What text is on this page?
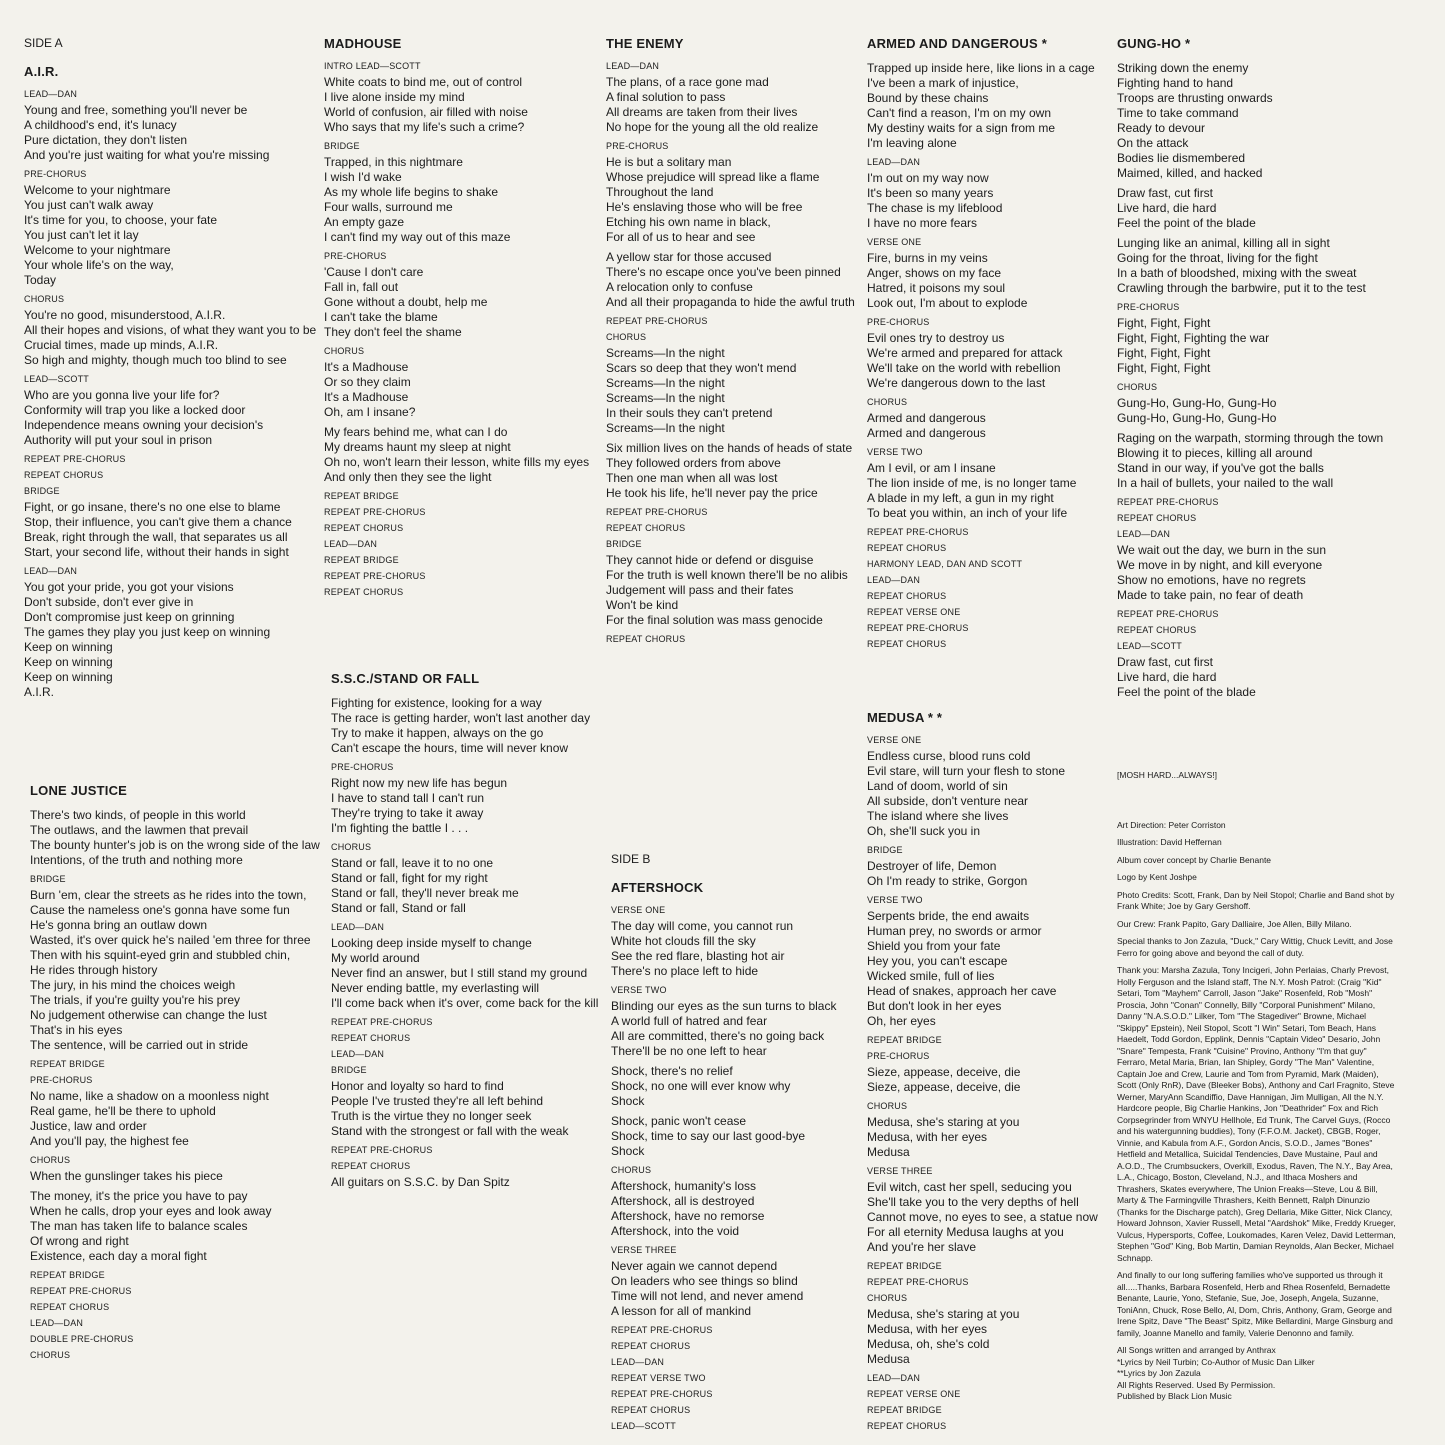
SIDE A
A.I.R.
LEAD—DAN
Young and free, something you'll never be
A childhood's end, it's lunacy
Pure dictation, they don't listen
And you're just waiting for what you're missing
PRE-CHORUS
Welcome to your nightmare
You just can't walk away
It's time for you, to choose, your fate
You just can't let it lay
Welcome to your nightmare
Your whole life's on the way,
Today
CHORUS
You're no good, misunderstood, A.I.R.
All their hopes and visions, of what they want you to be
Crucial times, made up minds, A.I.R.
So high and mighty, though much too blind to see
LEAD—SCOTT
Who are you gonna live your life for?
Conformity will trap you like a locked door
Independence means owning your decision's
Authority will put your soul in prison
REPEAT PRE-CHORUS
REPEAT CHORUS
BRIDGE
Fight, or go insane, there's no one else to blame
Stop, their influence, you can't give them a chance
Break, right through the wall, that separates us all
Start, your second life, without their hands in sight
LEAD—DAN
You got your pride, you got your visions
Don't subside, don't ever give in
Don't compromise just keep on grinning
The games they play you just keep on winning
Keep on winning
Keep on winning
Keep on winning
A.I.R.
LONE JUSTICE
There's two kinds, of people in this world
The outlaws, and the lawmen that prevail
The bounty hunter's job is on the wrong side of the law
Intentions, of the truth and nothing more
BRIDGE
Burn 'em, clear the streets as he rides into the town,
Cause the nameless one's gonna have some fun
He's gonna bring an outlaw down
Wasted, it's over quick he's nailed 'em three for three
Then with his squint-eyed grin and stubbled chin,
He rides through history
The jury, in his mind the choices weigh
The trials, if you're guilty you're his prey
No judgement otherwise can change the lust
That's in his eyes
The sentence, will be carried out in stride
REPEAT BRIDGE
PRE-CHORUS
No name, like a shadow on a moonless night
Real game, he'll be there to uphold
Justice, law and order
And you'll pay, the highest fee
CHORUS
When the gunslinger takes his piece
The money, it's the price you have to pay
When he calls, drop your eyes and look away
The man has taken life to balance scales
Of wrong and right
Existence, each day a moral fight
REPEAT BRIDGE
REPEAT PRE-CHORUS
REPEAT CHORUS
LEAD—DAN
DOUBLE PRE-CHORUS
CHORUS
MADHOUSE
INTRO LEAD—SCOTT
White coats to bind me, out of control
I live alone inside my mind
World of confusion, air filled with noise
Who says that my life's such a crime?
BRIDGE
Trapped, in this nightmare
I wish I'd wake
As my whole life begins to shake
Four walls, surround me
An empty gaze
I can't find my way out of this maze
PRE-CHORUS
'Cause I don't care
Fall in, fall out
Gone without a doubt, help me
I can't take the blame
They don't feel the shame
CHORUS
It's a Madhouse
Or so they claim
It's a Madhouse
Oh, am I insane?
My fears behind me, what can I do
My dreams haunt my sleep at night
Oh no, won't learn their lesson, white fills my eyes
And only then they see the light
REPEAT BRIDGE
REPEAT PRE-CHORUS
REPEAT CHORUS
LEAD—DAN
REPEAT BRIDGE
REPEAT PRE-CHORUS
REPEAT CHORUS
S.S.C./STAND OR FALL
Fighting for existence, looking for a way
The race is getting harder, won't last another day
Try to make it happen, always on the go
Can't escape the hours, time will never know
PRE-CHORUS
Right now my new life has begun
I have to stand tall I can't run
They're trying to take it away
I'm fighting the battle I . . .
CHORUS
Stand or fall, leave it to no one
Stand or fall, fight for my right
Stand or fall, they'll never break me
Stand or fall, Stand or fall
LEAD—DAN
Looking deep inside myself to change
My world around
Never find an answer, but I still stand my ground
Never ending battle, my everlasting will
I'll come back when it's over, come back for the kill
REPEAT PRE-CHORUS
REPEAT CHORUS
LEAD—DAN
BRIDGE
Honor and loyalty so hard to find
People I've trusted they're all left behind
Truth is the virtue they no longer seek
Stand with the strongest or fall with the weak
REPEAT PRE-CHORUS
REPEAT CHORUS
All guitars on S.S.C. by Dan Spitz
THE ENEMY
LEAD—DAN
The plans, of a race gone mad
A final solution to pass
All dreams are taken from their lives
No hope for the young all the old realize
PRE-CHORUS
He is but a solitary man
Whose prejudice will spread like a flame
Throughout the land
He's enslaving those who will be free
Etching his own name in black,
For all of us to hear and see
A yellow star for those accused
There's no escape once you've been pinned
A relocation only to confuse
And all their propaganda to hide the awful truth
REPEAT PRE-CHORUS
CHORUS
Screams—In the night
Scars so deep that they won't mend
Screams—In the night
Screams—In the night
In their souls they can't pretend
Screams—In the night
Six million lives on the hands of heads of state
They followed orders from above
Then one man when all was lost
He took his life, he'll never pay the price
REPEAT PRE-CHORUS
REPEAT CHORUS
BRIDGE
They cannot hide or defend or disguise
For the truth is well known there'll be no alibis
Judgement will pass and their fates
Won't be kind
For the final solution was mass genocide
REPEAT CHORUS
SIDE B
AFTERSHOCK
VERSE ONE
The day will come, you cannot run
White hot clouds fill the sky
See the red flare, blasting hot air
There's no place left to hide
VERSE TWO
Blinding our eyes as the sun turns to black
A world full of hatred and fear
All are committed, there's no going back
There'll be no one left to hear
Shock, there's no relief
Shock, no one will ever know why
Shock
Shock, panic won't cease
Shock, time to say our last good-bye
Shock
CHORUS
Aftershock, humanity's loss
Aftershock, all is destroyed
Aftershock, have no remorse
Aftershock, into the void
VERSE THREE
Never again we cannot depend
On leaders who see things so blind
Time will not lend, and never amend
A lesson for all of mankind
REPEAT PRE-CHORUS
REPEAT CHORUS
LEAD—DAN
REPEAT VERSE TWO
REPEAT PRE-CHORUS
REPEAT CHORUS
LEAD—SCOTT
ARMED AND DANGEROUS *
Trapped up inside here, like lions in a cage
I've been a mark of injustice,
Bound by these chains
Can't find a reason, I'm on my own
My destiny waits for a sign from me
I'm leaving alone
LEAD—DAN
I'm out on my way now
It's been so many years
The chase is my lifeblood
I have no more fears
VERSE ONE
Fire, burns in my veins
Anger, shows on my face
Hatred, it poisons my soul
Look out, I'm about to explode
PRE-CHORUS
Evil ones try to destroy us
We're armed and prepared for attack
We'll take on the world with rebellion
We're dangerous down to the last
CHORUS
Armed and dangerous
Armed and dangerous
VERSE TWO
Am I evil, or am I insane
The lion inside of me, is no longer tame
A blade in my left, a gun in my right
To beat you within, an inch of your life
REPEAT PRE-CHORUS
REPEAT CHORUS
HARMONY LEAD, DAN AND SCOTT
LEAD—DAN
REPEAT CHORUS
REPEAT VERSE ONE
REPEAT PRE-CHORUS
REPEAT CHORUS
MEDUSA * *
VERSE ONE
Endless curse, blood runs cold
Evil stare, will turn your flesh to stone
Land of doom, world of sin
All subside, don't venture near
The island where she lives
Oh, she'll suck you in
BRIDGE
Destroyer of life, Demon
Oh I'm ready to strike, Gorgon
VERSE TWO
Serpents bride, the end awaits
Human prey, no swords or armor
Shield you from your fate
Hey you, you can't escape
Wicked smile, full of lies
Head of snakes, approach her cave
But don't look in her eyes
Oh, her eyes
REPEAT BRIDGE
PRE-CHORUS
Sieze, appease, deceive, die
Sieze, appease, deceive, die
CHORUS
Medusa, she's staring at you
Medusa, with her eyes
Medusa
VERSE THREE
Evil witch, cast her spell, seducing you
She'll take you to the very depths of hell
Cannot move, no eyes to see, a statue now
For all eternity Medusa laughs at you
And you're her slave
REPEAT BRIDGE
REPEAT PRE-CHORUS
CHORUS
Medusa, she's staring at you
Medusa, with her eyes
Medusa, oh, she's cold
Medusa
LEAD—DAN
REPEAT VERSE ONE
REPEAT BRIDGE
REPEAT CHORUS
GUNG-HO *
Striking down the enemy
Fighting hand to hand
Troops are thrusting onwards
Time to take command
Ready to devour
On the attack
Bodies lie dismembered
Maimed, killed, and hacked
Draw fast, cut first
Live hard, die hard
Feel the point of the blade
Lunging like an animal, killing all in sight
Going for the throat, living for the fight
In a bath of bloodshed, mixing with the sweat
Crawling through the barbwire, put it to the test
PRE-CHORUS
Fight, Fight, Fight
Fight, Fight, Fighting the war
Fight, Fight, Fight
Fight, Fight, Fight
CHORUS
Gung-Ho, Gung-Ho, Gung-Ho
Gung-Ho, Gung-Ho, Gung-Ho
Raging on the warpath, storming through the town
Blowing it to pieces, killing all around
Stand in our way, if you've got the balls
In a hail of bullets, your nailed to the wall
REPEAT PRE-CHORUS
REPEAT CHORUS
LEAD—DAN
We wait out the day, we burn in the sun
We move in by night, and kill everyone
Show no emotions, have no regrets
Made to take pain, no fear of death
REPEAT PRE-CHORUS
REPEAT CHORUS
LEAD—SCOTT
Draw fast, cut first
Live hard, die hard
Feel the point of the blade

[MOSH HARD...ALWAYS!]

Art Direction: Peter Corriston

Illustration: David Heffernan

Album cover concept by Charlie Benante

Logo by Kent Joshpe

Photo Credits: Scott, Frank, Dan by Neil Stopol; Charlie and Band shot by Frank White; Joe by Gary Gershoff.

Our Crew: Frank Papito, Gary Dalliaire, Joe Allen, Billy Milano.

Special thanks to Jon Zazula, "Duck," Cary Wittig, Chuck Levitt, and Jose Ferro for going above and beyond the call of duty.

Thank you: Marsha Zazula, Tony Incigeri, John Perlaias, Charly Prevost, Holly Ferguson and the Island staff, The N.Y. Mosh Patrol: (Craig "Kid" Setari, Tom "Mayhem" Carroll, Jason "Jake" Rosenfeld, Rob "Mosh" Proscia, John "Conan" Connelly, Billy "Corporal Punishment" Milano, Danny "N.A.S.O.D." Lilker, Tom "The Stagediver" Browne, Michael "Skippy" Epstein), Neil Stopol, Scott "I Win" Setari, Tom Beach, Hans Haedelt, Todd Gordon, Epplink, Dennis "Captain Video" Desario, John "Snare" Tempesta, Frank "Cuisine" Provino, Anthony "I'm that guy" Ferraro, Metal Maria, Brian, Ian Shipley, Gordy "The Man" Valentine, Captain Joe and Crew, Laurie and Tom from Pyramid, Mark (Maiden), Scott (Only RnR), Dave (Bleeker Bobs), Anthony and Carl Fragnito, Steve Werner, MaryAnn Scandiffio, Dave Hannigan, Jim Mulligan, All the N.Y. Hardcore people, Big Charlie Hankins, Jon "Deathrider" Fox and Rich Corpsegrinder from WNYU Hellhole, Ed Trunk, The Carvel Guys, (Rocco and his watergunning buddies), Tony (F.F.O.M. Jacket), CBGB, Roger, Vinnie, and Kabula from A.F., Gordon Ancis, S.O.D., James "Bones" Hetfield and Metallica, Suicidal Tendencies, Dave Mustaine, Paul and A.O.D., The Crumbsuckers, Overkill, Exodus, Raven, The N.Y., Bay Area, L.A., Chicago, Boston, Cleveland, N.J., and Ithaca Moshers and Thrashers, Skates everywhere, The Union Freaks—Steve, Lou & Bill, Marty & The Farmingville Thrashers, Keith Bennett, Ralph Dinunzio (Thanks for the Discharge patch), Greg Dellaria, Mike Gitter, Nick Clancy, Howard Johnson, Xavier Russell, Metal "Aardshok" Mike, Freddy Krueger, Vulcus, Hypersports, Coffee, Loukomades, Karen Velez, David Letterman, Stephen "God" King, Bob Martin, Damian Reynolds, Alan Becker, Michael Schnapp.

And finally to our long suffering families who've supported us through it all.....Thanks, Barbara Rosenfeld, Herb and Rhea Rosenfeld, Bernadette Benante, Laurie, Yono, Stefanie, Sue, Joe, Joseph, Angela, Suzanne, ToniAnn, Chuck, Rose Bello, Al, Dom, Chris, Anthony, Gram, George and Irene Spitz, Dave "The Beast" Spitz, Mike Bellardini, Marge Ginsburg and family, Joanne Manello and family, Valerie Denonno and family.

All Songs written and arranged by Anthrax
*Lyrics by Neil Turbin; Co-Author of Music Dan Lilker
**Lyrics by Jon Zazula
All Rights Reserved. Used By Permission.
Published by Black Lion Music
